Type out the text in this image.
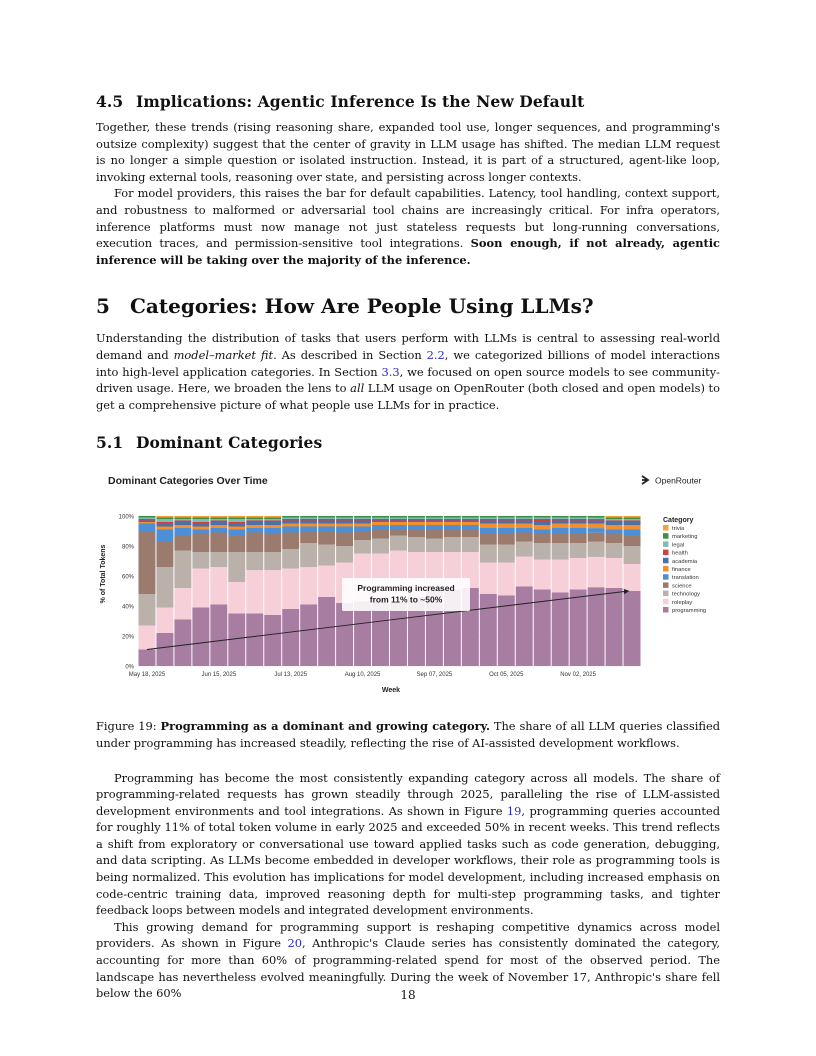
4.5 Implications: Agentic Inference Is the New Default

Together, these trends (rising reasoning share, expanded tool use, longer sequences, and programming's outsize complexity) suggest that the center of gravity in LLM usage has shifted. The median LLM request is no longer a simple question or isolated instruction. Instead, it is part of a structured, agent-like loop, invoking external tools, reasoning over state, and persisting across longer contexts.

For model providers, this raises the bar for default capabilities. Latency, tool handling, context support, and robustness to malformed or adversarial tool chains are increasingly critical. For infra operators, inference platforms must now manage not just stateless requests but long-running conversations, execution traces, and permission-sensitive tool integrations. Soon enough, if not already, agentic inference will be taking over the majority of the inference.

5 Categories: How Are People Using LLMs?

Understanding the distribution of tasks that users perform with LLMs is central to assessing real-world demand and model–market fit. As described in Section 2.2, we categorized billions of model interactions into high-level application categories. In Section 3.3, we focused on open source models to see community-driven usage. Here, we broaden the lens to all LLM usage on OpenRouter (both closed and open models) to get a comprehensive picture of what people use LLMs for in practice.

5.1 Dominant Categories
Dominant Categories Over Time	OpenRouter
0%
20%
40%
60%
80%
100%
May 18, 2025	Jun 15, 2025	Jul 13, 2025	Aug 10, 2025	Sep 07, 2025	Oct 05, 2025	Nov 02, 2025
% of Total Tokens
Week
Category
trivia
marketing
legal
health
academia
finance
translation
science
technology
roleplay
programming
Programming increased
from 11% to ~50%

Figure 19: Programming as a dominant and growing category. The share of all LLM queries classified under programming has increased steadily, reflecting the rise of AI-assisted development workflows.

Programming has become the most consistently expanding category across all models. The share of programming-related requests has grown steadily through 2025, paralleling the rise of LLM-assisted development environments and tool integrations. As shown in Figure 19, programming queries accounted for roughly 11% of total token volume in early 2025 and exceeded 50% in recent weeks. This trend reflects a shift from exploratory or conversational use toward applied tasks such as code generation, debugging, and data scripting. As LLMs become embedded in developer workflows, their role as programming tools is being normalized. This evolution has implications for model development, including increased emphasis on code-centric training data, improved reasoning depth for multi-step programming tasks, and tighter feedback loops between models and integrated development environments.

This growing demand for programming support is reshaping competitive dynamics across model providers. As shown in Figure 20, Anthropic's Claude series has consistently dominated the category, accounting for more than 60% of programming-related spend for most of the observed period. The landscape has nevertheless evolved meaningfully. During the week of November 17, Anthropic's share fell below the 60%	18
